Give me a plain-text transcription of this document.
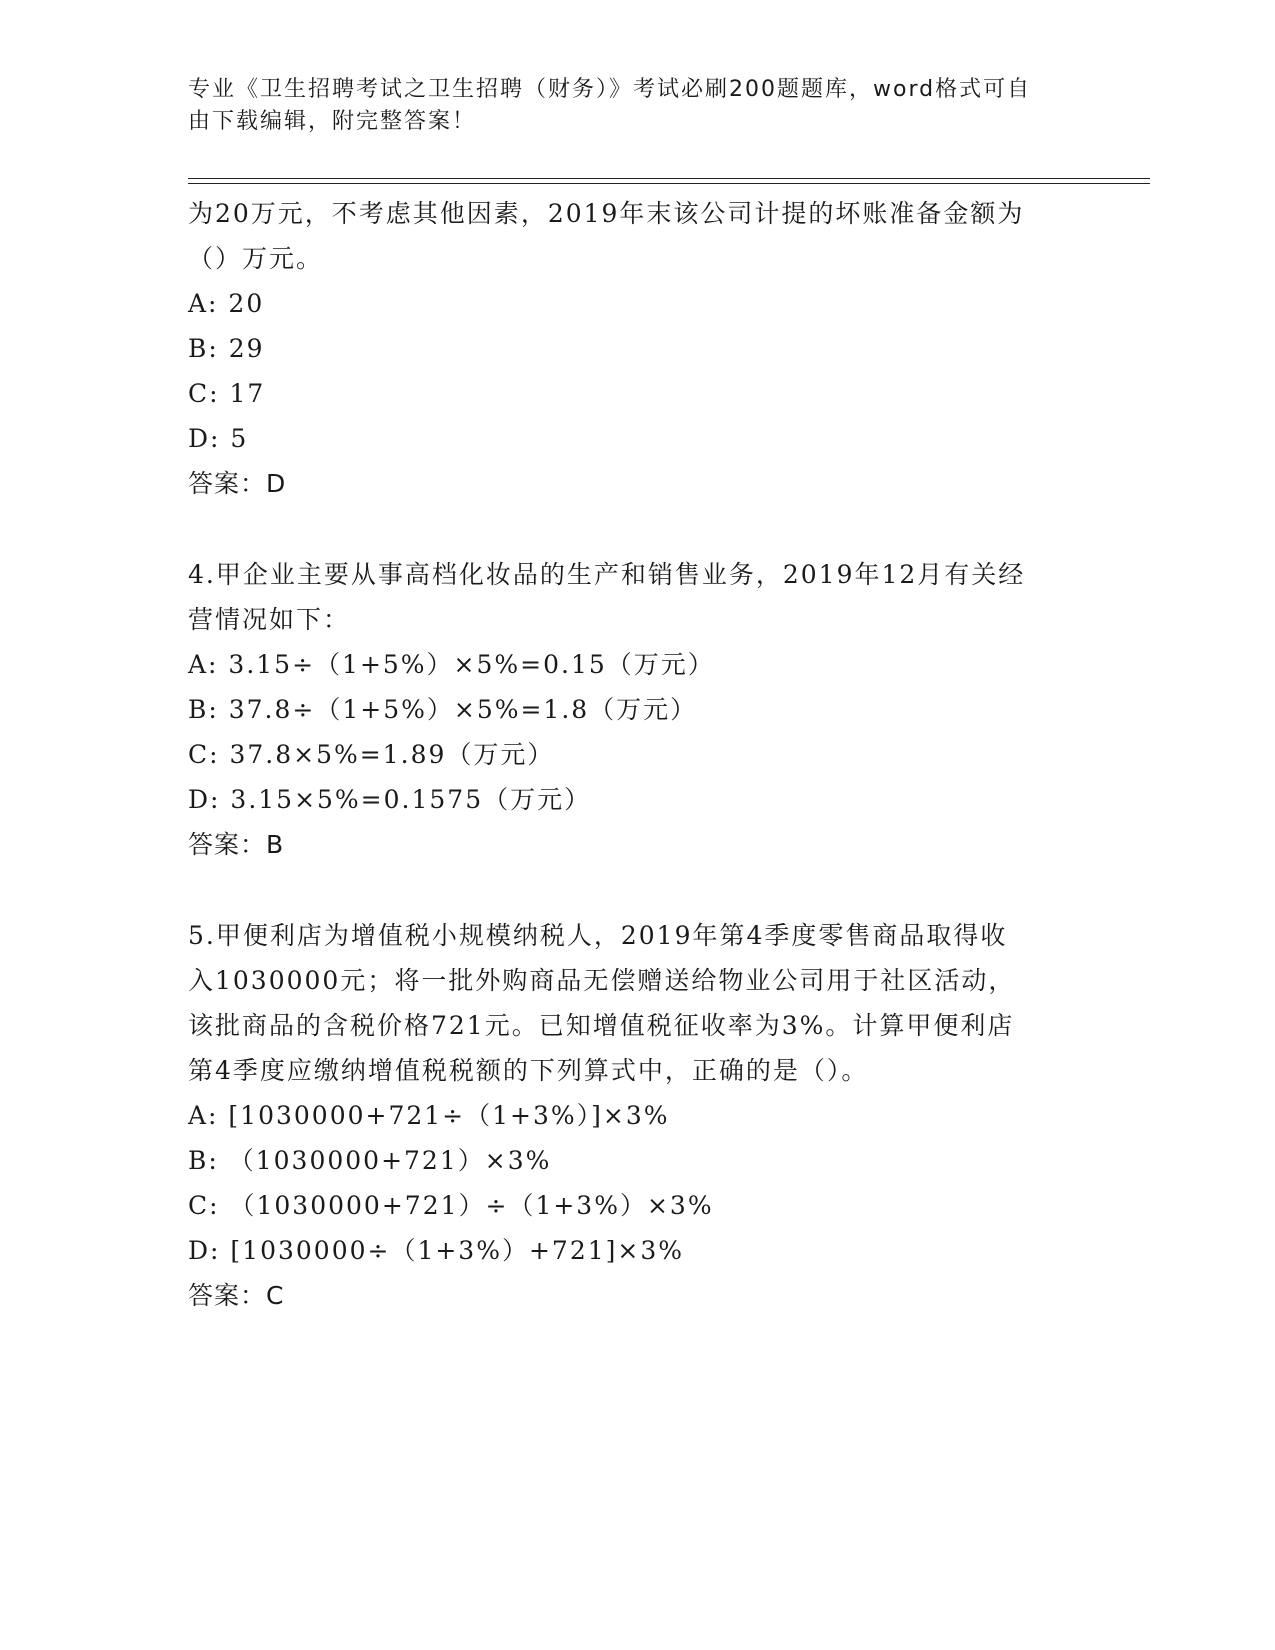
专业《卫生招聘考试之卫生招聘（财务）》考试必刷200题题库，word格式可自
由下载编辑，附完整答案！

为20万元，不考虑其他因素，2019年末该公司计提的坏账准备金额为

（）万元。

A: 20

B: 29

C: 17

D: 5

答案：D

4.甲企业主要从事高档化妆品的生产和销售业务，2019年12月有关经

营情况如下：

A: 3.15÷（1+5%）×5%=0.15（万元）

B: 37.8÷（1+5%）×5%=1.8（万元）

C: 37.8×5%=1.89（万元）

D: 3.15×5%=0.1575（万元）

答案：B

5.甲便利店为增值税小规模纳税人，2019年第4季度零售商品取得收

入1030000元；将一批外购商品无偿赠送给物业公司用于社区活动，

该批商品的含税价格721元。已知增值税征收率为3%。计算甲便利店

第4季度应缴纳增值税税额的下列算式中，正确的是（）。

A: [1030000+721÷（1+3%）]×3%

B: （1030000+721）×3%

C: （1030000+721）÷（1+3%）×3%

D: [1030000÷（1+3%）+721]×3%

答案：C
